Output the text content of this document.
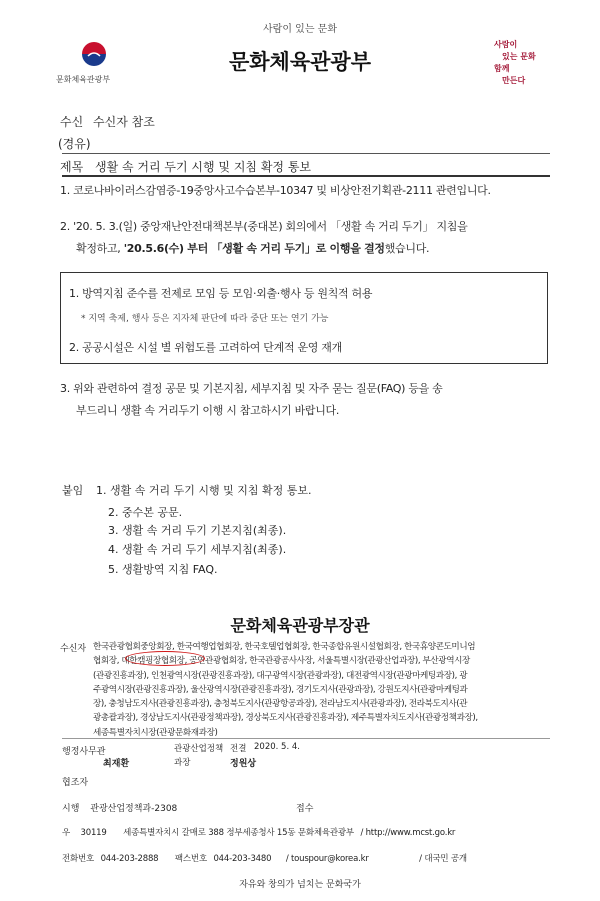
사람이 있는 문화
문화체육관광부
문화체육관광부
사람이
있는 문화
함께
만든다
수신 수신자 참조
(경유)
제목 생활 속 거리 두기 시행 및 지침 확정 통보
1. 코로나바이러스감염증-19중앙사고수습본부-10347 및 비상안전기획관-2111 관련입니다.
2. '20. 5. 3.(일) 중앙재난안전대책본부(중대본) 회의에서 「생활 속 거리 두기」 지침을
확정하고, '20.5.6(수) 부터 「생활 속 거리 두기」로 이행을 결정했습니다.
1. 방역지침 준수를 전제로 모임 등 모임·외출·행사 등 원칙적 허용
* 지역 축제, 행사 등은 지자체 판단에 따라 중단 또는 연기 가능
2. 공공시설은 시설 별 위험도를 고려하여 단계적 운영 재개
3. 위와 관련하여 결정 공문 및 기본지침, 세부지침 및 자주 묻는 질문(FAQ) 등을 송
부드리니 생활 속 거리두기 이행 시 참고하시기 바랍니다.
붙임 1. 생활 속 거리 두기 시행 및 지침 확정 통보.
2. 중수본 공문.
3. 생활 속 거리 두기 기본지침(최종).
4. 생활 속 거리 두기 세부지침(최종).
5. 생활방역 지침 FAQ.
문화체육관광부장관
수신자 한국관광협회중앙회장, 한국여행업협회장, 한국호텔업협회장, 한국종합유원시설협회장, 한국휴양콘도미니엄
협회장, 대한캠핑장협회장, 공연관광협회장, 한국관광공사사장, 서울특별시장(관광산업과장), 부산광역시장
(관광진흥과장), 인천광역시장(관광진흥과장), 대구광역시장(관광과장), 대전광역시장(관광마케팅과장), 광
주광역시장(관광진흥과장), 울산광역시장(관광진흥과장), 경기도지사(관광과장), 강원도지사(관광마케팅과
장), 충청남도지사(관광진흥과장), 충청북도지사(관광항공과장), 전라남도지사(관광과장), 전라북도지사(관
광총괄과장), 경상남도지사(관광정책과장), 경상북도지사(관광진흥과장), 제주특별자치도지사(관광정책과장),
세종특별자치시장(관광문화재과장)
행정사무관
최재환
관광산업정책 전결 2020. 5. 4.
과장	정원상
협조자
시행 관광산업정책과-2308	접수
우 30119 세종특별자치시 갈매로 388 정부세종청사 15동 문화체육관광부 / http://www.mcst.go.kr
전화번호 044-203-2888 팩스번호 044-203-3480 / touspour@korea.kr	/ 대국민 공개
자유와 창의가 넘치는 문화국가
